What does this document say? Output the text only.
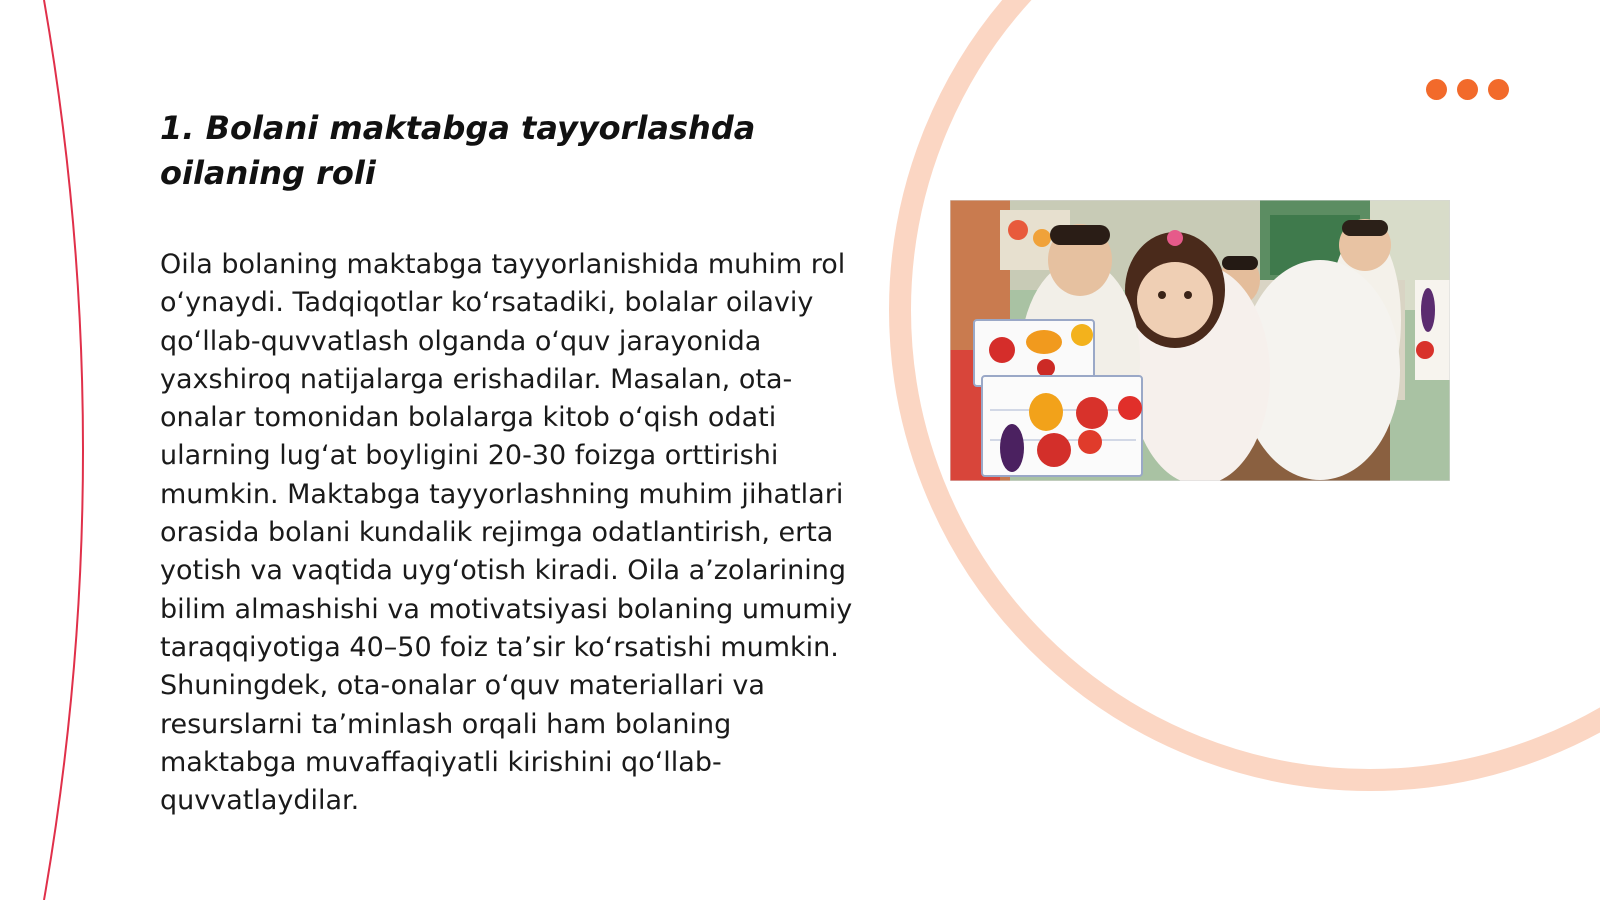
1. Bolani maktabga tayyorlashda oilaning roli

Oila bolaning maktabga tayyorlanishida muhim rol o‘ynaydi. Tadqiqotlar ko‘rsatadiki, bolalar oilaviy qo‘llab-quvvatlash olganda o‘quv jarayonida yaxshiroq natijalarga erishadilar. Masalan, ota-onalar tomonidan bolalarga kitob o‘qish odati ularning lug‘at boyligini 20-30 foizga orttirishi mumkin. Maktabga tayyorlashning muhim jihatlari orasida bolani kundalik rejimga odatlantirish, erta yotish va vaqtida uyg‘otish kiradi. Oila a’zolarining bilim almashishi va motivatsiyasi bolaning umumiy taraqqiyotiga 40–50 foiz ta’sir ko‘rsatishi mumkin. Shuningdek, ota-onalar o‘quv materiallari va resurslarni ta’minlash orqali ham bolaning maktabga muvaffaqiyatli kirishini qo‘llab-quvvatlaydilar.
